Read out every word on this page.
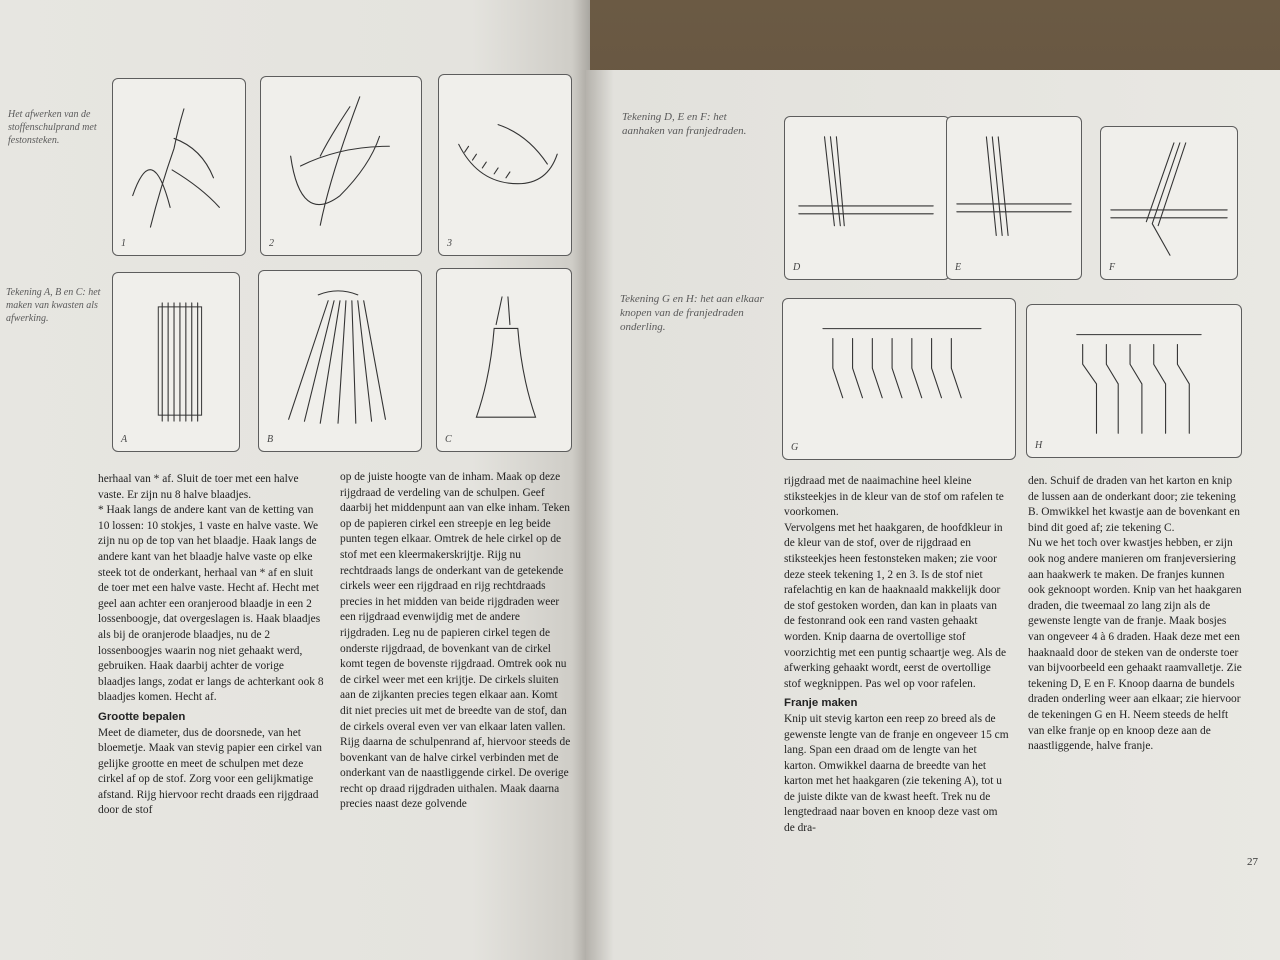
Het afwerken van de stoffenschulprand met festonsteken.
Tekening A, B en C: het maken van kwasten als afwerking.
1	2	3
A	B	C

herhaal van * af. Sluit de toer met een halve vaste. Er zijn nu 8 halve blaadjes.

* Haak langs de andere kant van de ketting van 10 lossen: 10 stokjes, 1 vaste en halve vaste. We zijn nu op de top van het blaadje. Haak langs de andere kant van het blaadje halve vaste op elke steek tot de onderkant, herhaal van * af en sluit de toer met een halve vaste. Hecht af. Hecht met geel aan achter een oranjerood blaadje in een 2 lossenboogje, dat overgeslagen is. Haak blaadjes als bij de oranjerode blaadjes, nu de 2 lossenboogjes waarin nog niet gehaakt werd, gebruiken. Haak daarbij achter de vorige blaadjes langs, zodat er langs de achterkant ook 8 blaadjes komen. Hecht af.

Grootte bepalen

Meet de diameter, dus de doorsnede, van het bloemetje. Maak van stevig papier een cirkel van gelijke grootte en meet de schulpen met deze cirkel af op de stof. Zorg voor een gelijkmatige afstand. Rijg hiervoor recht draads een rijgdraad door de stof

op de juiste hoogte van de inham. Maak op deze rijgdraad de verdeling van de schulpen. Geef daarbij het middenpunt aan van elke inham. Teken op de papieren cirkel een streepje en leg beide punten tegen elkaar. Omtrek de hele cirkel op de stof met een kleermakerskrijtje. Rijg nu rechtdraads langs de onderkant van de getekende cirkels weer een rijgdraad en rijg rechtdraads precies in het midden van beide rijgdraden weer een rijgdraad evenwijdig met de andere rijgdraden. Leg nu de papieren cirkel tegen de onderste rijgdraad, de bovenkant van de cirkel komt tegen de bovenste rijgdraad. Omtrek ook nu de cirkel weer met een krijtje. De cirkels sluiten aan de zijkanten precies tegen elkaar aan. Komt dit niet precies uit met de breedte van de stof, dan de cirkels overal even ver van elkaar laten vallen. Rijg daarna de schulpenrand af, hiervoor steeds de bovenkant van de halve cirkel verbinden met de onderkant van de naastliggende cirkel. De overige recht op draad rijgdraden uithalen. Maak daarna precies naast deze golvende

Tekening D, E en F: het aanhaken van franjedraden.
Tekening G en H: het aan elkaar knopen van de franjedraden onderling.
D	E	F
G	H

rijgdraad met de naaimachine heel kleine stiksteekjes in de kleur van de stof om rafelen te voorkomen.

Vervolgens met het haakgaren, de hoofdkleur in de kleur van de stof, over de rijgdraad en stiksteekjes heen festonsteken maken; zie voor deze steek tekening 1, 2 en 3. Is de stof niet rafelachtig en kan de haaknaald makkelijk door de stof gestoken worden, dan kan in plaats van de festonrand ook een rand vasten gehaakt worden. Knip daarna de overtollige stof voorzichtig met een puntig schaartje weg. Als de afwerking gehaakt wordt, eerst de overtollige stof wegknippen. Pas wel op voor rafelen.

Franje maken

Knip uit stevig karton een reep zo breed als de gewenste lengte van de franje en ongeveer 15 cm lang. Span een draad om de lengte van het karton. Omwikkel daarna de breedte van het karton met het haakgaren (zie tekening A), tot u de juiste dikte van de kwast heeft. Trek nu de lengtedraad naar boven en knoop deze vast om de dra-

den. Schuif de draden van het karton en knip de lussen aan de onderkant door; zie tekening B. Omwikkel het kwastje aan de bovenkant en bind dit goed af; zie tekening C.

Nu we het toch over kwastjes hebben, er zijn ook nog andere manieren om franjeversiering aan haakwerk te maken. De franjes kunnen ook geknoopt worden. Knip van het haakgaren draden, die tweemaal zo lang zijn als de gewenste lengte van de franje. Maak bosjes van ongeveer 4 à 6 draden. Haak deze met een haaknaald door de steken van de onderste toer van bijvoorbeeld een gehaakt raamvalletje. Zie tekening D, E en F. Knoop daarna de bundels draden onderling weer aan elkaar; zie hiervoor de tekeningen G en H. Neem steeds de helft van elke franje op en knoop deze aan de naastliggende, halve franje.

27
